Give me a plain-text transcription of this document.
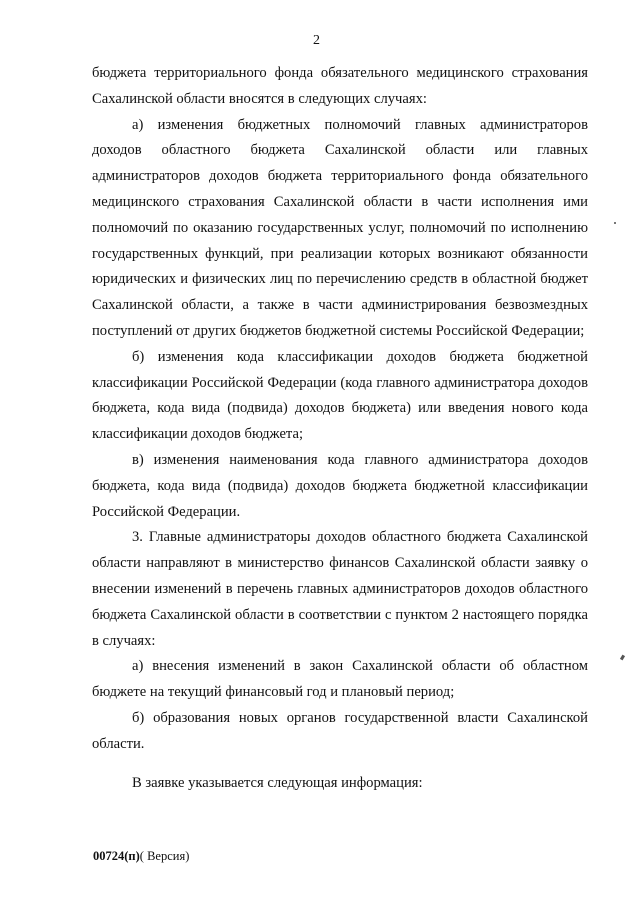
2

бюджета территориального фонда обязательного медицинского страхования Сахалинской области вносятся в следующих случаях:

а) изменения бюджетных полномочий главных администраторов доходов областного бюджета Сахалинской области или главных администраторов доходов бюджета территориального фонда обязательного медицинского страхования Сахалинской области в части исполнения ими полномочий по оказанию государственных услуг, полномочий по исполнению государственных функций, при реализации которых возникают обязанности юридических и физических лиц по перечислению средств в областной бюджет Сахалинской области, а также в части администрирования безвозмездных поступлений от других бюджетов бюджетной системы Российской Федерации;

б) изменения кода классификации доходов бюджета бюджетной классификации Российской Федерации (кода главного администратора доходов бюджета, кода вида (подвида) доходов бюджета) или введения нового кода классификации доходов бюджета;

в) изменения наименования кода главного администратора доходов бюджета, кода вида (подвида) доходов бюджета бюджетной классификации Российской Федерации.

3. Главные администраторы доходов областного бюджета Сахалинской области направляют в министерство финансов Сахалинской области заявку о внесении изменений в перечень главных администраторов доходов областного бюджета Сахалинской области в соответствии с пунктом 2 настоящего порядка в случаях:

а) внесения изменений в закон Сахалинской области об областном бюджете на текущий финансовый год и плановый период;

б) образования новых органов государственной власти Сахалинской области.

В заявке указывается следующая информация:

00724(п)( Версия)
